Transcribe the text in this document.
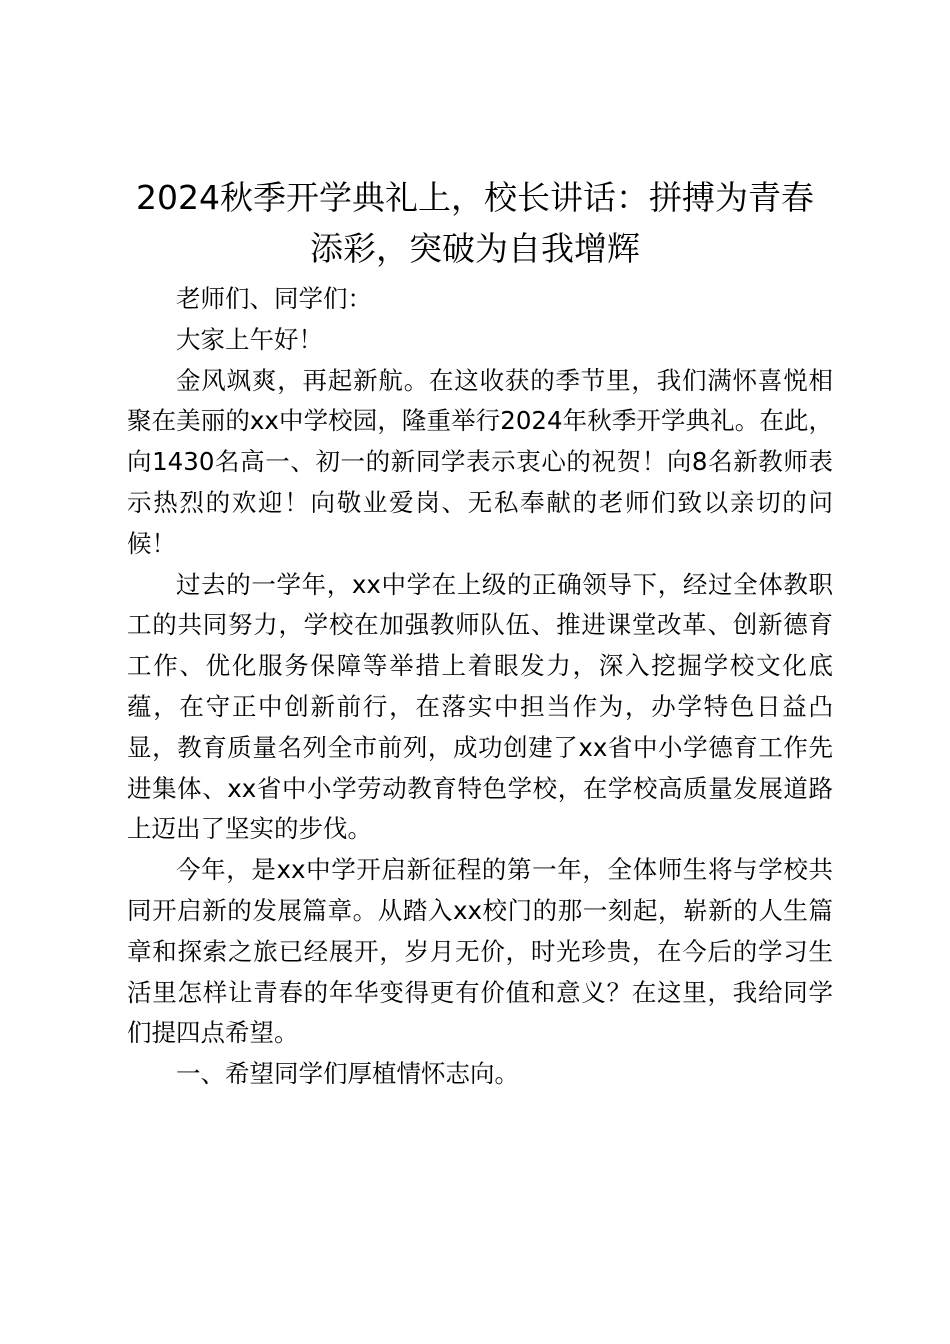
2024秋季开学典礼上，校长讲话：拼搏为青春添彩，突破为自我增辉

老师们、同学们：

大家上午好！

金风飒爽，再起新航。在这收获的季节里，我们满怀喜悦相聚在美丽的xx中学校园，隆重举行2024年秋季开学典礼。在此，向1430名高一、初一的新同学表示衷心的祝贺！向8名新教师表示热烈的欢迎！向敬业爱岗、无私奉献的老师们致以亲切的问候！

过去的一学年，xx中学在上级的正确领导下，经过全体教职工的共同努力，学校在加强教师队伍、推进课堂改革、创新德育工作、优化服务保障等举措上着眼发力，深入挖掘学校文化底蕴，在守正中创新前行，在落实中担当作为，办学特色日益凸显，教育质量名列全市前列，成功创建了xx省中小学德育工作先进集体、xx省中小学劳动教育特色学校，在学校高质量发展道路上迈出了坚实的步伐。

今年，是xx中学开启新征程的第一年，全体师生将与学校共同开启新的发展篇章。从踏入xx校门的那一刻起，崭新的人生篇章和探索之旅已经展开，岁月无价，时光珍贵，在今后的学习生活里怎样让青春的年华变得更有价值和意义？在这里，我给同学们提四点希望。

一、希望同学们厚植情怀志向。
